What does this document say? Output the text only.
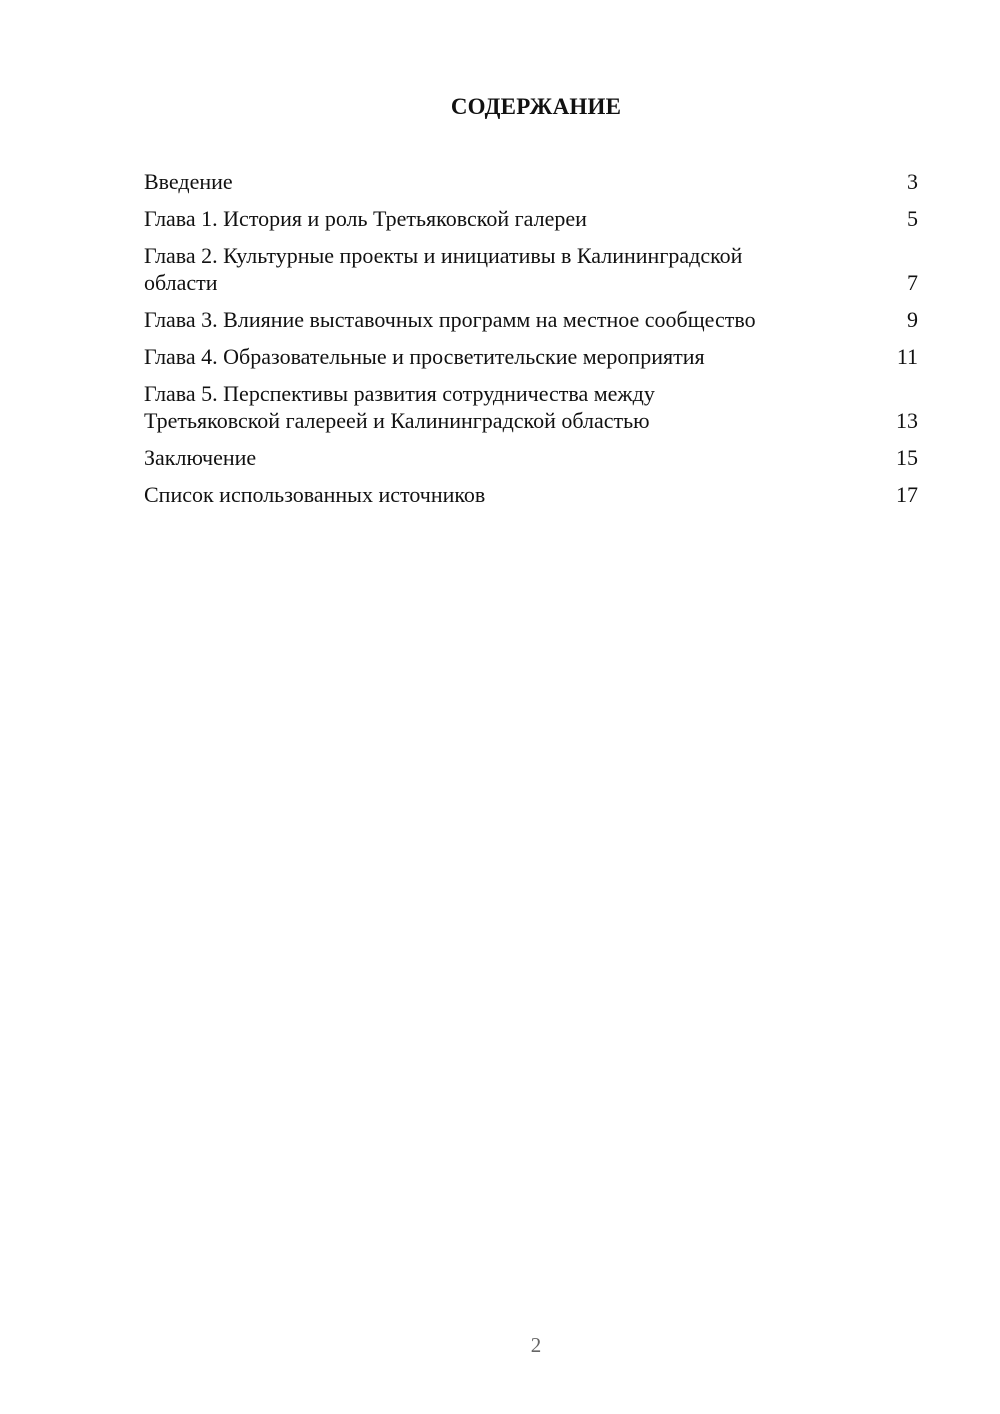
СОДЕРЖАНИЕ
Введение	3
Глава 1. История и роль Третьяковской галереи	5
Глава 2. Культурные проекты и инициативы в Калининградской области	7
Глава 3. Влияние выставочных программ на местное сообщество	9
Глава 4. Образовательные и просветительские мероприятия	11
Глава 5. Перспективы развития сотрудничества между Третьяковской галереей и Калининградской областью	13
Заключение	15
Список использованных источников	17
2
